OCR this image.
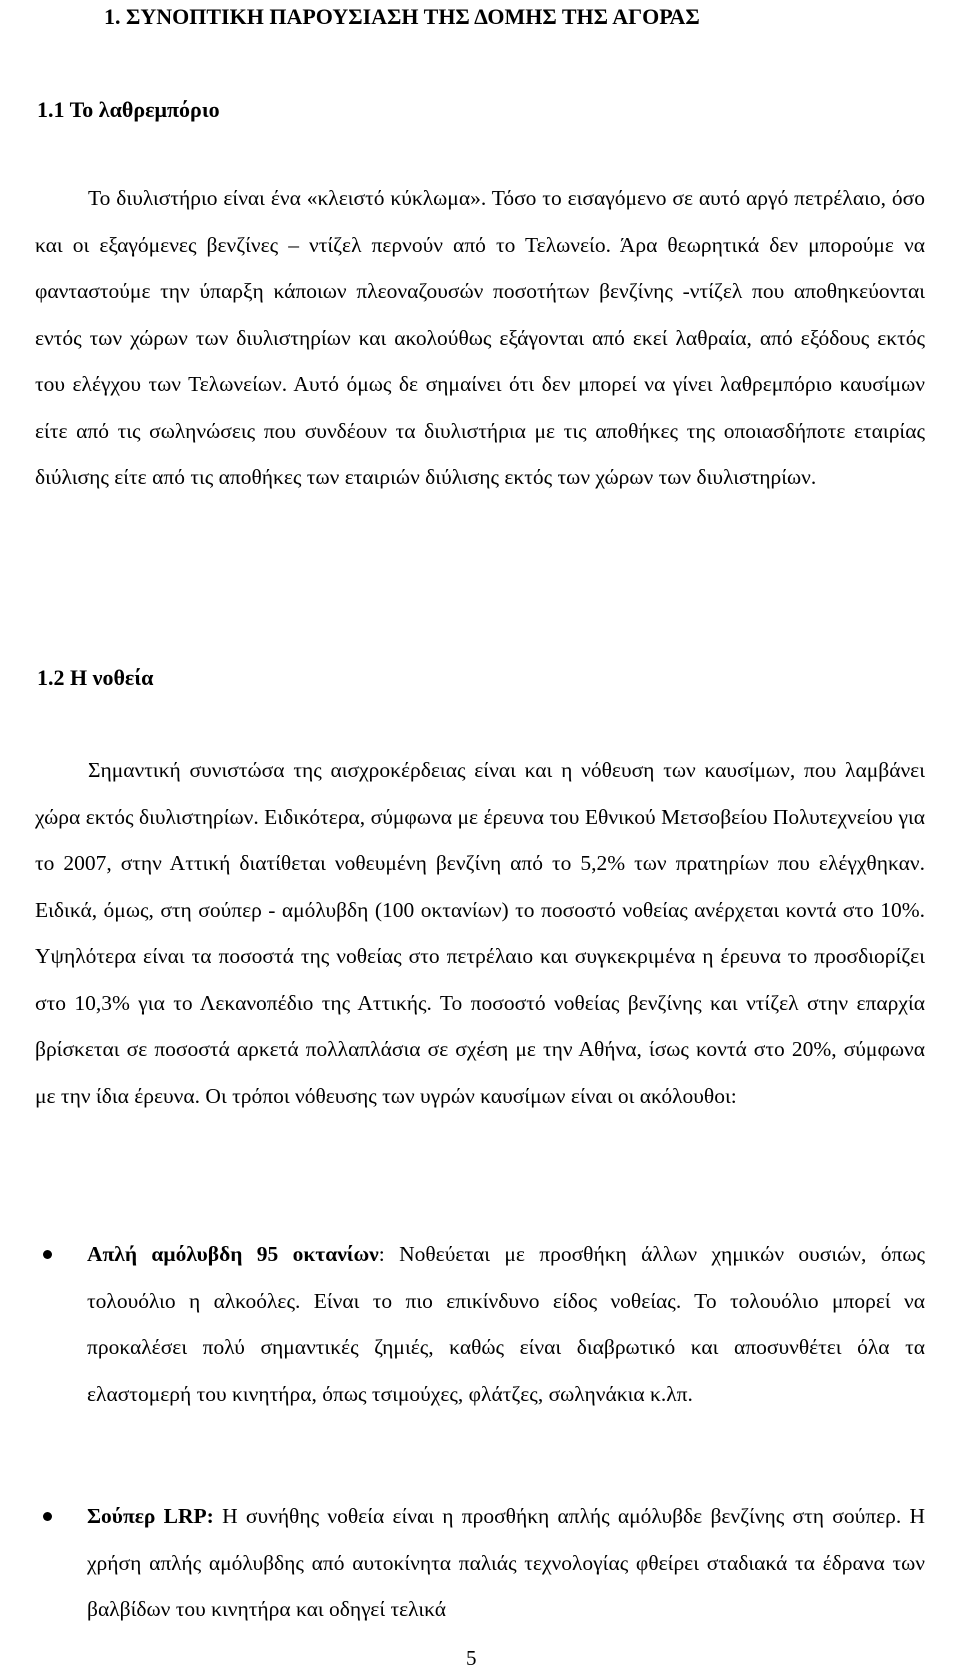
1. ΣΥΝΟΠΤΙΚΗ ΠΑΡΟΥΣΙΑΣΗ ΤΗΣ ΔΟΜΗΣ ΤΗΣ ΑΓΟΡΑΣ
1.1 Το λαθρεμπόριο

Το διυλιστήριο είναι ένα «κλειστό κύκλωμα». Τόσο το εισαγόμενο σε αυτό αργό πετρέλαιο, όσο και οι εξαγόμενες βενζίνες – ντίζελ περνούν από το Τελωνείο. Άρα θεωρητικά δεν μπορούμε να φανταστούμε την ύπαρξη κάποιων πλεοναζουσών ποσοτήτων βενζίνης -ντίζελ που αποθηκεύονται εντός των χώρων των διυλιστηρίων και ακολούθως εξάγονται από εκεί λαθραία, από εξόδους εκτός του ελέγχου των Τελωνείων. Αυτό όμως δε σημαίνει ότι δεν μπορεί να γίνει λαθρεμπόριο καυσίμων είτε από τις σωληνώσεις που συνδέουν τα διυλιστήρια με τις αποθήκες της οποιασδήποτε εταιρίας διύλισης είτε από τις αποθήκες των εταιριών διύλισης εκτός των χώρων των διυλιστηρίων.

1.2 Η νοθεία

Σημαντική συνιστώσα της αισχροκέρδειας είναι και η νόθευση των καυσίμων, που λαμβάνει χώρα εκτός διυλιστηρίων. Ειδικότερα, σύμφωνα με έρευνα του Εθνικού Μετσοβείου Πολυτεχνείου για το 2007, στην Αττική διατίθεται νοθευμένη βενζίνη από το 5,2% των πρατηρίων που ελέγχθηκαν. Ειδικά, όμως, στη σούπερ - αμόλυβδη (100 οκτανίων) το ποσοστό νοθείας ανέρχεται κοντά στο 10%. Υψηλότερα είναι τα ποσοστά της νοθείας στο πετρέλαιο και συγκεκριμένα η έρευνα το προσδιορίζει στο 10,3% για το Λεκανοπέδιο της Αττικής. Το ποσοστό νοθείας βενζίνης και ντίζελ στην επαρχία βρίσκεται σε ποσοστά αρκετά πολλαπλάσια σε σχέση με την Αθήνα, ίσως κοντά στο 20%, σύμφωνα με την ίδια έρευνα. Οι τρόποι νόθευσης των υγρών καυσίμων είναι οι ακόλουθοι:

Απλή αμόλυβδη 95 οκτανίων: Νοθεύεται με προσθήκη άλλων χημικών ουσιών, όπως τολουόλιο η αλκοόλες. Είναι το πιο επικίνδυνο είδος νοθείας. Το τολουόλιο μπορεί να προκαλέσει πολύ σημαντικές ζημιές, καθώς είναι διαβρωτικό και αποσυνθέτει όλα τα ελαστομερή του κινητήρα, όπως τσιμούχες, φλάτζες, σωληνάκια κ.λπ.

Σούπερ LRP: Η συνήθης νοθεία είναι η προσθήκη απλής αμόλυβδε βενζίνης στη σούπερ. Η χρήση απλής αμόλυβδης από αυτοκίνητα παλιάς τεχνολογίας φθείρει σταδιακά τα έδρανα των βαλβίδων του κινητήρα και οδηγεί τελικά

5
